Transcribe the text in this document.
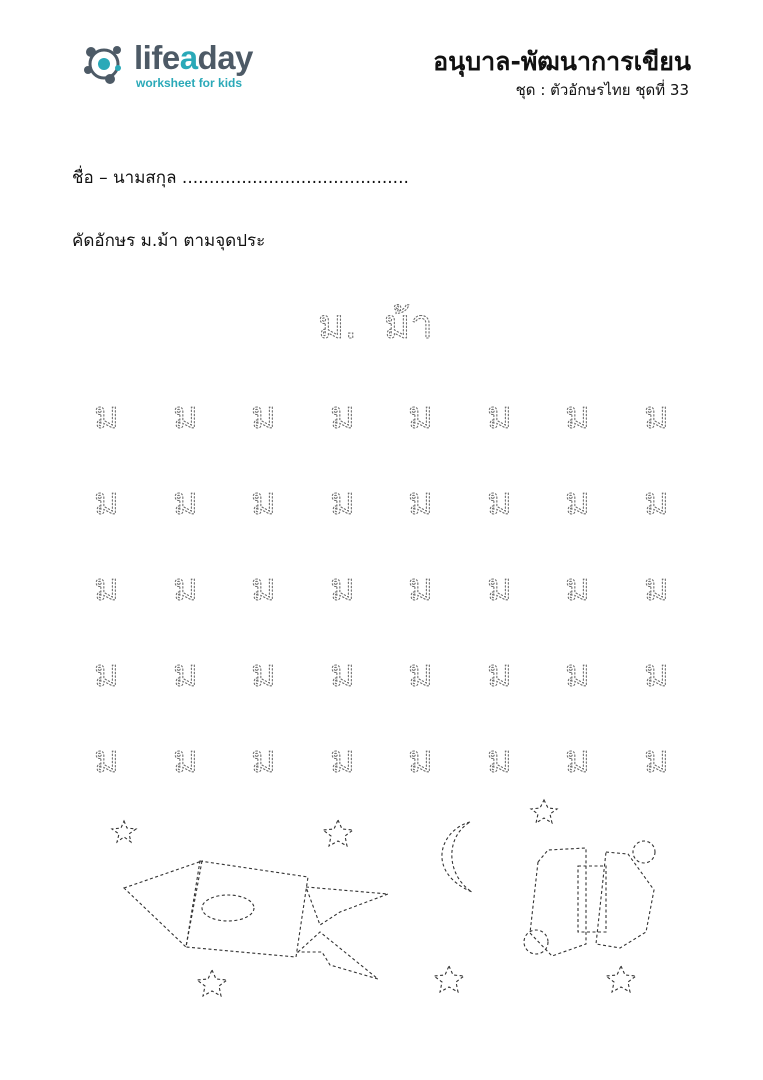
lifeaday
worksheet for kids
อนุบาล-พัฒนาการเขียน
ชุด : ตัวอักษรไทย ชุดที่ 33
ชื่อ – นามสกุล ..........................................
คัดอักษร ม.ม้า ตามจุดประ
ม. ม้า
ม ม ม ม ม ม ม ม
ม ม ม ม ม ม ม ม
ม ม ม ม ม ม ม ม
ม ม ม ม ม ม ม ม
ม ม ม ม ม ม ม ม
